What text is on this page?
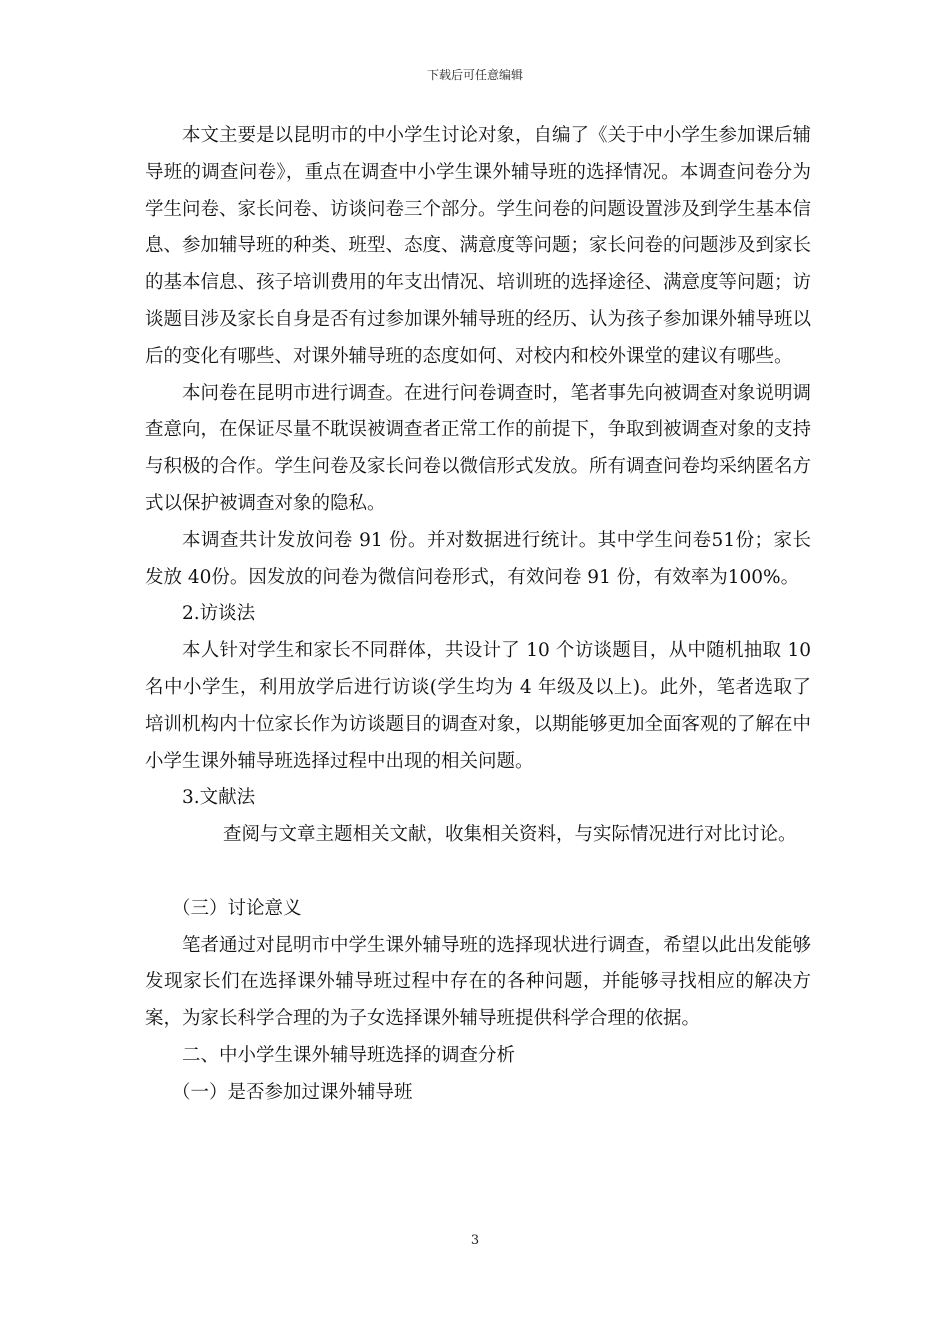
下载后可任意编辑

本文主要是以昆明市的中小学生讨论对象，自编了《关于中小学生参加课后辅导班的调查问卷》，重点在调查中小学生课外辅导班的选择情况。本调查问卷分为学生问卷、家长问卷、访谈问卷三个部分。学生问卷的问题设置涉及到学生基本信息、参加辅导班的种类、班型、态度、满意度等问题；家长问卷的问题涉及到家长的基本信息、孩子培训费用的年支出情况、培训班的选择途径、满意度等问题；访谈题目涉及家长自身是否有过参加课外辅导班的经历、认为孩子参加课外辅导班以后的变化有哪些、对课外辅导班的态度如何、对校内和校外课堂的建议有哪些。

本问卷在昆明市进行调查。在进行问卷调查时，笔者事先向被调查对象说明调查意向，在保证尽量不耽误被调查者正常工作的前提下，争取到被调查对象的支持与积极的合作。学生问卷及家长问卷以微信形式发放。所有调查问卷均采纳匿名方式以保护被调查对象的隐私。

本调查共计发放问卷 91 份。并对数据进行统计。其中学生问卷51份；家长发放 40份。因发放的问卷为微信问卷形式，有效问卷 91 份，有效率为100%。

2.访谈法

本人针对学生和家长不同群体，共设计了 10 个访谈题目，从中随机抽取 10 名中小学生，利用放学后进行访谈(学生均为 4 年级及以上)。此外，笔者选取了培训机构内十位家长作为访谈题目的调查对象，以期能够更加全面客观的了解在中小学生课外辅导班选择过程中出现的相关问题。

3.文献法

查阅与文章主题相关文献，收集相关资料，与实际情况进行对比讨论。

（三）讨论意义

笔者通过对昆明市中学生课外辅导班的选择现状进行调查，希望以此出发能够发现家长们在选择课外辅导班过程中存在的各种问题，并能够寻找相应的解决方案，为家长科学合理的为子女选择课外辅导班提供科学合理的依据。

二、中小学生课外辅导班选择的调查分析

（一）是否参加过课外辅导班

3
